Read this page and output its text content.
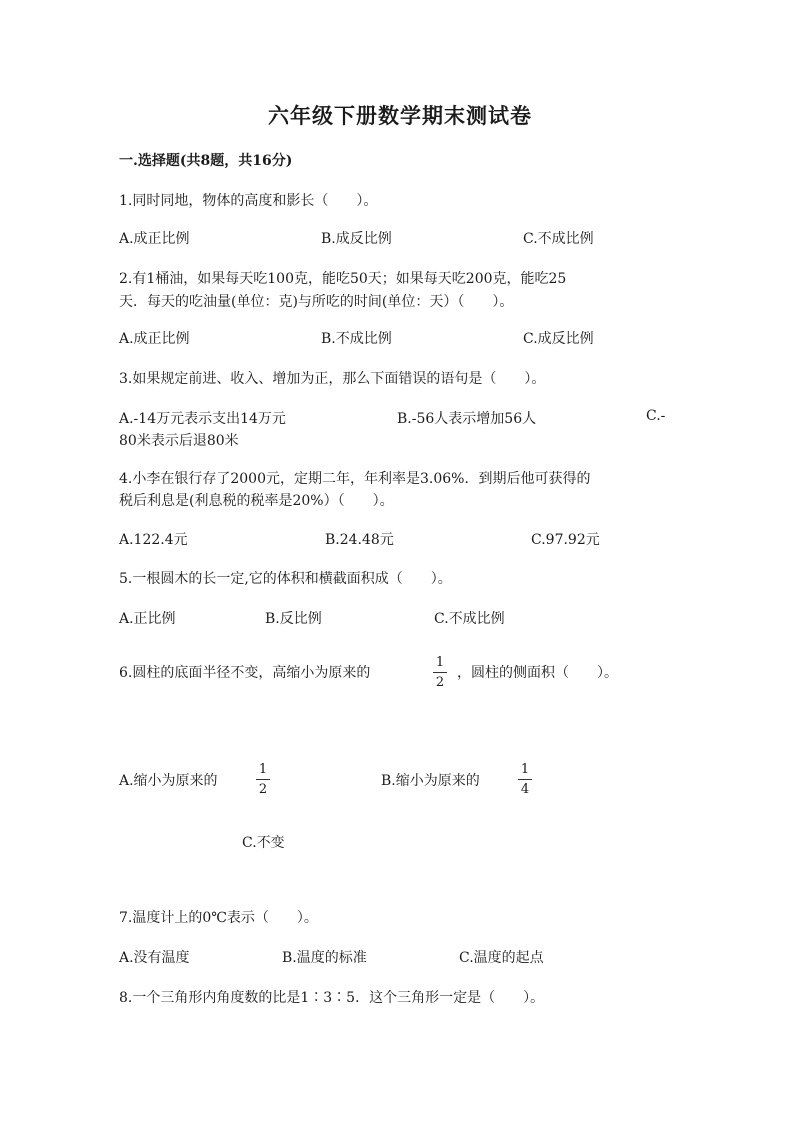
六年级下册数学期末测试卷
一.选择题(共8题，共16分)
1.同时同地，物体的高度和影长（　　）。
A.成正比例	B.成反比例	C.不成比例
2.有1桶油，如果每天吃100克，能吃50天；如果每天吃200克，能吃25
天．每天的吃油量(单位：克)与所吃的时间(单位：天）（　　）。
A.成正比例	B.不成比例	C.成反比例
3.如果规定前进、收入、增加为正，那么下面错误的语句是（　　）。
A.-14万元表示支出14万元	B.-56人表示增加56人	C.-
80米表示后退80米
4.小李在银行存了2000元，定期二年，年利率是3.06%．到期后他可获得的
税后利息是(利息税的税率是20%）（　　）。
A.122.4元	B.24.48元	C.97.92元
5.一根圆木的长一定,它的体积和横截面积成（　　）。
A.正比例	B.反比例	C.不成比例
6.圆柱的底面半径不变，高缩小为原来的
1
2
，圆柱的侧面积（　　）。
A.缩小为原来的
1
2
B.缩小为原来的
1
4
C.不变
7.温度计上的0℃表示（　　）。
A.没有温度	B.温度的标准	C.温度的起点
8.一个三角形内角度数的比是1∶3∶5．这个三角形一定是（　　）。
